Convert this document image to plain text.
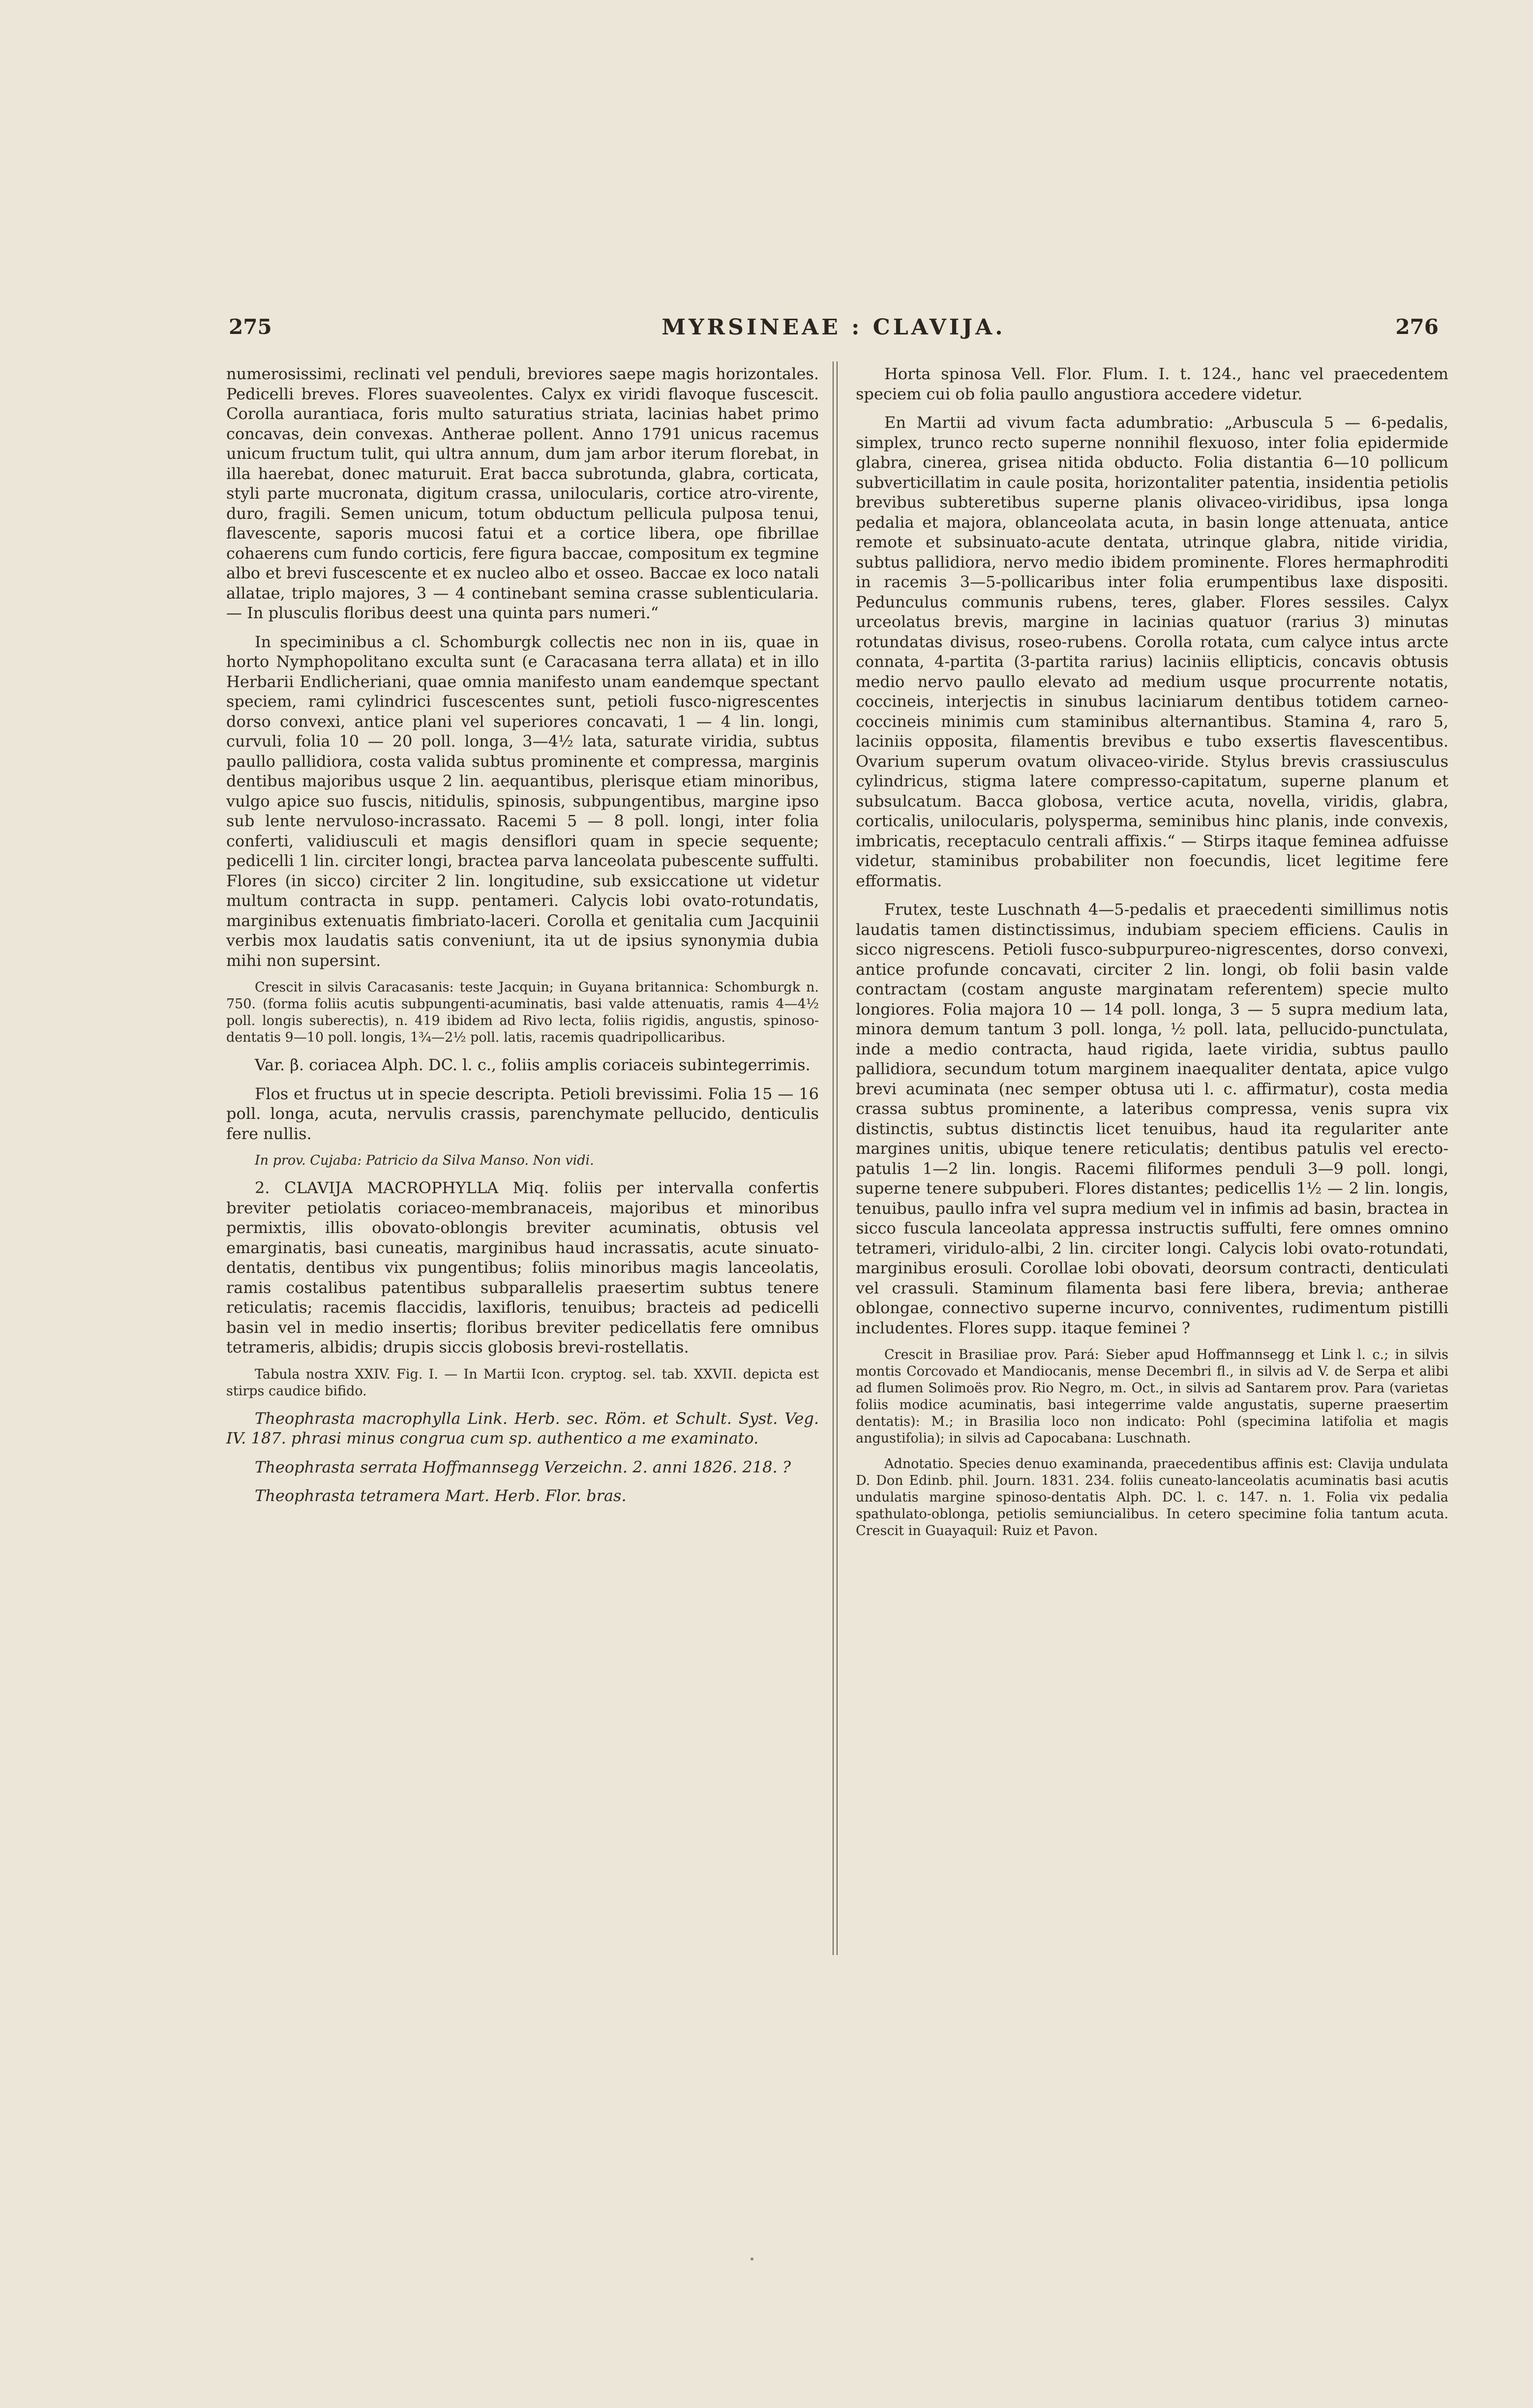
275	MYRSINEAE : CLAVIJA.	276

numerosissimi, reclinati vel penduli, breviores saepe magis horizontales. Pedicelli breves. Flores suaveolentes. Calyx ex viridi flavoque fuscescit. Corolla aurantiaca, foris multo saturatius striata, lacinias habet primo concavas, dein convexas. Antherae pollent. Anno 1791 unicus racemus unicum fructum tulit, qui ultra annum, dum jam arbor iterum florebat, in illa haerebat, donec maturuit. Erat bacca subrotunda, glabra, corticata, styli parte mucronata, digitum crassa, unilocularis, cortice atro-virente, duro, fragili. Semen unicum, totum obductum pellicula pulposa tenui, flavescente, saporis mucosi fatui et a cortice libera, ope fibrillae cohaerens cum fundo corticis, fere figura baccae, compositum ex tegmine albo et brevi fuscescente et ex nucleo albo et osseo. Baccae ex loco natali allatae, triplo majores, 3 — 4 continebant semina crasse sublenticularia. — In plusculis floribus deest una quinta pars numeri.“

In speciminibus a cl. Schomburgk collectis nec non in iis, quae in horto Nymphopolitano exculta sunt (e Caracasana terra allata) et in illo Herbarii Endlicheriani, quae omnia manifesto unam eandemque spectant speciem, rami cylindrici fuscescentes sunt, petioli fusco-nigrescentes dorso convexi, antice plani vel superiores concavati, 1 — 4 lin. longi, curvuli, folia 10 — 20 poll. longa, 3—4½ lata, saturate viridia, subtus paullo pallidiora, costa valida subtus prominente et compressa, marginis dentibus majoribus usque 2 lin. aequantibus, plerisque etiam minoribus, vulgo apice suo fuscis, nitidulis, spinosis, subpungentibus, margine ipso sub lente nervuloso-incrassato. Racemi 5 — 8 poll. longi, inter folia conferti, validiusculi et magis densiflori quam in specie sequente; pedicelli 1 lin. circiter longi, bractea parva lanceolata pubescente suffulti. Flores (in sicco) circiter 2 lin. longitudine, sub exsiccatione ut videtur multum contracta in supp. pentameri. Calycis lobi ovato-rotundatis, marginibus extenuatis fimbriato-laceri. Corolla et genitalia cum Jacquinii verbis mox laudatis satis conveniunt, ita ut de ipsius synonymia dubia mihi non supersint.

Crescit in silvis Caracasanis: teste Jacquin; in Guyana britannica: Schomburgk n. 750. (forma foliis acutis subpungenti-acuminatis, basi valde attenuatis, ramis 4—4½ poll. longis suberectis), n. 419 ibidem ad Rivo lecta, foliis rigidis, angustis, spinoso-dentatis 9—10 poll. longis, 1¾—2½ poll. latis, racemis quadripollicaribus.

Var. β. coriacea Alph. DC. l. c., foliis amplis coriaceis subintegerrimis.

Flos et fructus ut in specie descripta. Petioli brevissimi. Folia 15 — 16 poll. longa, acuta, nervulis crassis, parenchymate pellucido, denticulis fere nullis.

In prov. Cujaba: Patricio da Silva Manso. Non vidi.

2. CLAVIJA MACROPHYLLA Miq. foliis per intervalla confertis breviter petiolatis coriaceo-membranaceis, majoribus et minoribus permixtis, illis obovato-oblongis breviter acuminatis, obtusis vel emarginatis, basi cuneatis, marginibus haud incrassatis, acute sinuato-dentatis, dentibus vix pungentibus; foliis minoribus magis lanceolatis, ramis costalibus patentibus subparallelis praesertim subtus tenere reticulatis; racemis flaccidis, laxifloris, tenuibus; bracteis ad pedicelli basin vel in medio insertis; floribus breviter pedicellatis fere omnibus tetrameris, albidis; drupis siccis globosis brevi-rostellatis.

Tabula nostra XXIV. Fig. I. — In Martii Icon. cryptog. sel. tab. XXVII. depicta est stirps caudice bifido.

Theophrasta macrophylla Link. Herb. sec. Röm. et Schult. Syst. Veg. IV. 187. phrasi minus congrua cum sp. authentico a me examinato.

Theophrasta serrata Hoffmannsegg Verzeichn. 2. anni 1826. 218. ?

Theophrasta tetramera Mart. Herb. Flor. bras.

Horta spinosa Vell. Flor. Flum. I. t. 124., hanc vel praecedentem speciem cui ob folia paullo angustiora accedere videtur.

En Martii ad vivum facta adumbratio: „Arbuscula 5 — 6-pedalis, simplex, trunco recto superne nonnihil flexuoso, inter folia epidermide glabra, cinerea, grisea nitida obducto. Folia distantia 6—10 pollicum subverticillatim in caule posita, horizontaliter patentia, insidentia petiolis brevibus subteretibus superne planis olivaceo-viridibus, ipsa longa pedalia et majora, oblanceolata acuta, in basin longe attenuata, antice remote et subsinuato-acute dentata, utrinque glabra, nitide viridia, subtus pallidiora, nervo medio ibidem prominente. Flores hermaphroditi in racemis 3—5-pollicaribus inter folia erumpentibus laxe dispositi. Pedunculus communis rubens, teres, glaber. Flores sessiles. Calyx urceolatus brevis, margine in lacinias quatuor (rarius 3) minutas rotundatas divisus, roseo-rubens. Corolla rotata, cum calyce intus arcte connata, 4-partita (3-partita rarius) laciniis ellipticis, concavis obtusis medio nervo paullo elevato ad medium usque procurrente notatis, coccineis, interjectis in sinubus laciniarum dentibus totidem carneo-coccineis minimis cum staminibus alternantibus. Stamina 4, raro 5, laciniis opposita, filamentis brevibus e tubo exsertis flavescentibus. Ovarium superum ovatum olivaceo-viride. Stylus brevis crassiusculus cylindricus, stigma latere compresso-capitatum, superne planum et subsulcatum. Bacca globosa, vertice acuta, novella, viridis, glabra, corticalis, unilocularis, polysperma, seminibus hinc planis, inde convexis, imbricatis, receptaculo centrali affixis.“ — Stirps itaque feminea adfuisse videtur, staminibus probabiliter non foecundis, licet legitime fere efformatis.

Frutex, teste Luschnath 4—5-pedalis et praecedenti simillimus notis laudatis tamen distinctissimus, indubiam speciem efficiens. Caulis in sicco nigrescens. Petioli fusco-subpurpureo-nigrescentes, dorso convexi, antice profunde concavati, circiter 2 lin. longi, ob folii basin valde contractam (costam anguste marginatam referentem) specie multo longiores. Folia majora 10 — 14 poll. longa, 3 — 5 supra medium lata, minora demum tantum 3 poll. longa, ½ poll. lata, pellucido-punctulata, inde a medio contracta, haud rigida, laete viridia, subtus paullo pallidiora, secundum totum marginem inaequaliter dentata, apice vulgo brevi acuminata (nec semper obtusa uti l. c. affirmatur), costa media crassa subtus prominente, a lateribus compressa, venis supra vix distinctis, subtus distinctis licet tenuibus, haud ita regulariter ante margines unitis, ubique tenere reticulatis; dentibus patulis vel erecto-patulis 1—2 lin. longis. Racemi filiformes penduli 3—9 poll. longi, superne tenere subpuberi. Flores distantes; pedicellis 1½ — 2 lin. longis, tenuibus, paullo infra vel supra medium vel in infimis ad basin, bractea in sicco fuscula lanceolata appressa instructis suffulti, fere omnes omnino tetrameri, viridulo-albi, 2 lin. circiter longi. Calycis lobi ovato-rotundati, marginibus erosuli. Corollae lobi obovati, deorsum contracti, denticulati vel crassuli. Staminum filamenta basi fere libera, brevia; antherae oblongae, connectivo superne incurvo, conniventes, rudimentum pistilli includentes. Flores supp. itaque feminei ?

Crescit in Brasiliae prov. Pará: Sieber apud Hoffmannsegg et Link l. c.; in silvis montis Corcovado et Mandiocanis, mense Decembri fl., in silvis ad V. de Serpa et alibi ad flumen Solimoës prov. Rio Negro, m. Oct., in silvis ad Santarem prov. Para (varietas foliis modice acuminatis, basi integerrime valde angustatis, superne praesertim dentatis): M.; in Brasilia loco non indicato: Pohl (specimina latifolia et magis angustifolia); in silvis ad Capocabana: Luschnath.

Adnotatio. Species denuo examinanda, praecedentibus affinis est: Clavija undulata D. Don Edinb. phil. Journ. 1831. 234. foliis cuneato-lanceolatis acuminatis basi acutis undulatis margine spinoso-dentatis Alph. DC. l. c. 147. n. 1. Folia vix pedalia spathulato-oblonga, petiolis semiuncialibus. In cetero specimine folia tantum acuta. Crescit in Guayaquil: Ruiz et Pavon.
